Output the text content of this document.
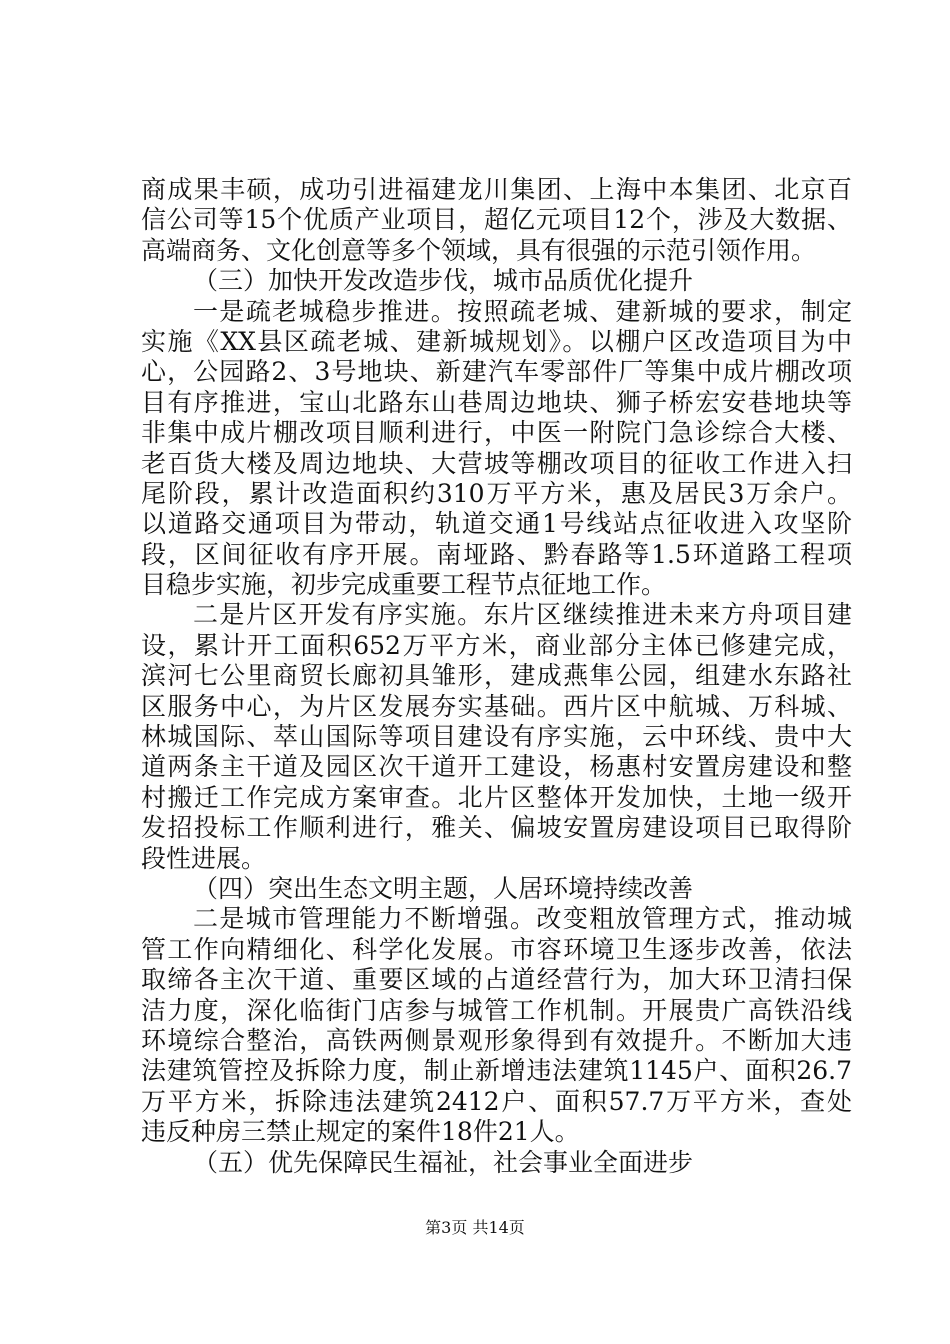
商成果丰硕，成功引进福建龙川集团、上海中本集团、北京百
信公司等15个优质产业项目，超亿元项目12个，涉及大数据、
高端商务、文化创意等多个领域，具有很强的示范引领作用。
（三）加快开发改造步伐，城市品质优化提升
一是疏老城稳步推进。按照疏老城、建新城的要求，制定
实施《XX县区疏老城、建新城规划》。以棚户区改造项目为中
心，公园路2、3号地块、新建汽车零部件厂等集中成片棚改项
目有序推进，宝山北路东山巷周边地块、狮子桥宏安巷地块等
非集中成片棚改项目顺利进行，中医一附院门急诊综合大楼、
老百货大楼及周边地块、大营坡等棚改项目的征收工作进入扫
尾阶段，累计改造面积约310万平方米，惠及居民3万余户。
以道路交通项目为带动，轨道交通1号线站点征收进入攻坚阶
段，区间征收有序开展。南垭路、黔春路等1.5环道路工程项
目稳步实施，初步完成重要工程节点征地工作。
二是片区开发有序实施。东片区继续推进未来方舟项目建
设，累计开工面积652万平方米，商业部分主体已修建完成，
滨河七公里商贸长廊初具雏形，建成燕隼公园，组建水东路社
区服务中心，为片区发展夯实基础。西片区中航城、万科城、
林城国际、萃山国际等项目建设有序实施，云中环线、贵中大
道两条主干道及园区次干道开工建设，杨惠村安置房建设和整
村搬迁工作完成方案审查。北片区整体开发加快，土地一级开
发招投标工作顺利进行，雅关、偏坡安置房建设项目已取得阶
段性进展。
（四）突出生态文明主题，人居环境持续改善
二是城市管理能力不断增强。改变粗放管理方式，推动城
管工作向精细化、科学化发展。市容环境卫生逐步改善，依法
取缔各主次干道、重要区域的占道经营行为，加大环卫清扫保
洁力度，深化临街门店参与城管工作机制。开展贵广高铁沿线
环境综合整治，高铁两侧景观形象得到有效提升。不断加大违
法建筑管控及拆除力度，制止新增违法建筑1145户、面积26.7
万平方米，拆除违法建筑2412户、面积57.7万平方米，查处
违反种房三禁止规定的案件18件21人。
（五）优先保障民生福祉，社会事业全面进步
第3页 共14页
